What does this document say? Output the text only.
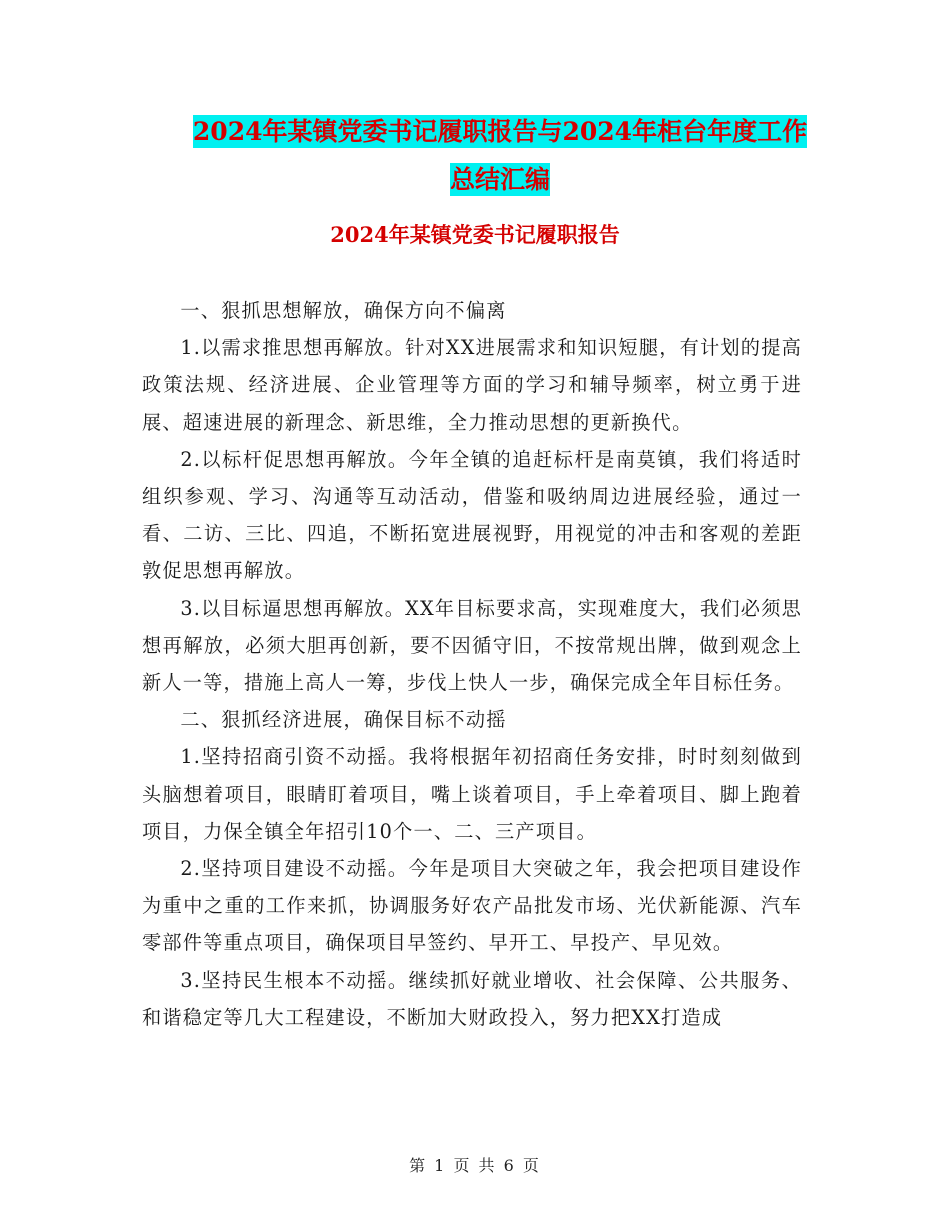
2024年某镇党委书记履职报告与2024年柜台年度工作
总结汇编
2024年某镇党委书记履职报告

一、狠抓思想解放，确保方向不偏离

1.以需求推思想再解放。针对XX进展需求和知识短腿，有计划的提高政策法规、经济进展、企业管理等方面的学习和辅导频率，树立勇于进展、超速进展的新理念、新思维，全力推动思想的更新换代。

2.以标杆促思想再解放。今年全镇的追赶标杆是南莫镇，我们将适时组织参观、学习、沟通等互动活动，借鉴和吸纳周边进展经验，通过一看、二访、三比、四追，不断拓宽进展视野，用视觉的冲击和客观的差距敦促思想再解放。

3.以目标逼思想再解放。XX年目标要求高，实现难度大，我们必须思想再解放，必须大胆再创新，要不因循守旧，不按常规出牌，做到观念上新人一等，措施上高人一筹，步伐上快人一步，确保完成全年目标任务。

二、狠抓经济进展，确保目标不动摇

1.坚持招商引资不动摇。我将根据年初招商任务安排，时时刻刻做到头脑想着项目，眼睛盯着项目，嘴上谈着项目，手上牵着项目、脚上跑着项目，力保全镇全年招引10个一、二、三产项目。

2.坚持项目建设不动摇。今年是项目大突破之年，我会把项目建设作为重中之重的工作来抓，协调服务好农产品批发市场、光伏新能源、汽车零部件等重点项目，确保项目早签约、早开工、早投产、早见效。

3.坚持民生根本不动摇。继续抓好就业增收、社会保障、公共服务、和谐稳定等几大工程建设，不断加大财政投入，努力把XX打造成

第 1 页 共 6 页
